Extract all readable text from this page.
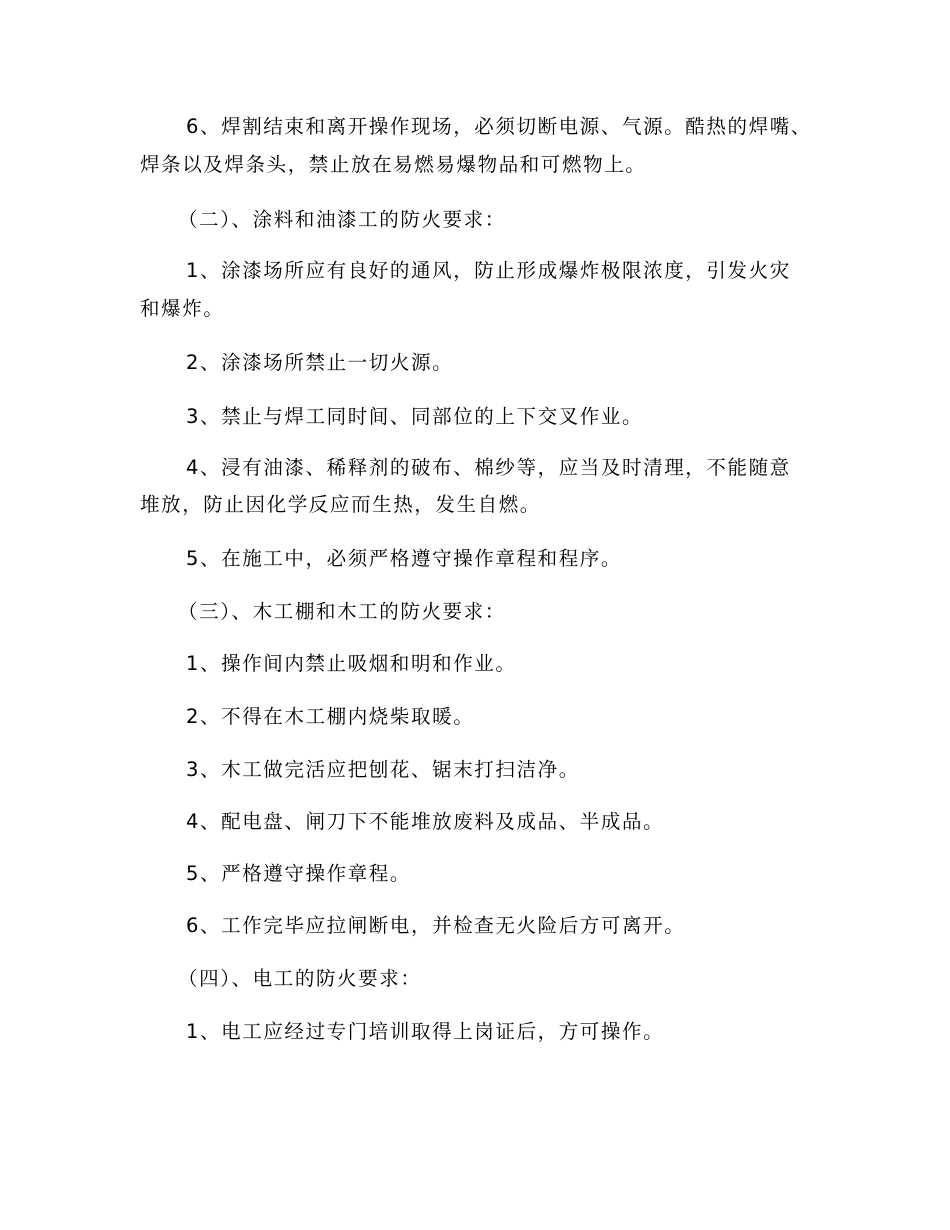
6、焊割结束和离开操作现场，必须切断电源、气源。酷热的焊嘴、

焊条以及焊条头，禁止放在易燃易爆物品和可燃物上。

（二）、涂料和油漆工的防火要求：

1、涂漆场所应有良好的通风，防止形成爆炸极限浓度，引发火灾

和爆炸。

2、涂漆场所禁止一切火源。

3、禁止与焊工同时间、同部位的上下交叉作业。

4、浸有油漆、稀释剂的破布、棉纱等，应当及时清理，不能随意

堆放，防止因化学反应而生热，发生自燃。

5、在施工中，必须严格遵守操作章程和程序。

（三）、木工棚和木工的防火要求：

1、操作间内禁止吸烟和明和作业。

2、不得在木工棚内烧柴取暖。

3、木工做完活应把刨花、锯末打扫洁净。

4、配电盘、闸刀下不能堆放废料及成品、半成品。

5、严格遵守操作章程。

6、工作完毕应拉闸断电，并检查无火险后方可离开。

（四）、电工的防火要求：

1、电工应经过专门培训取得上岗证后，方可操作。
